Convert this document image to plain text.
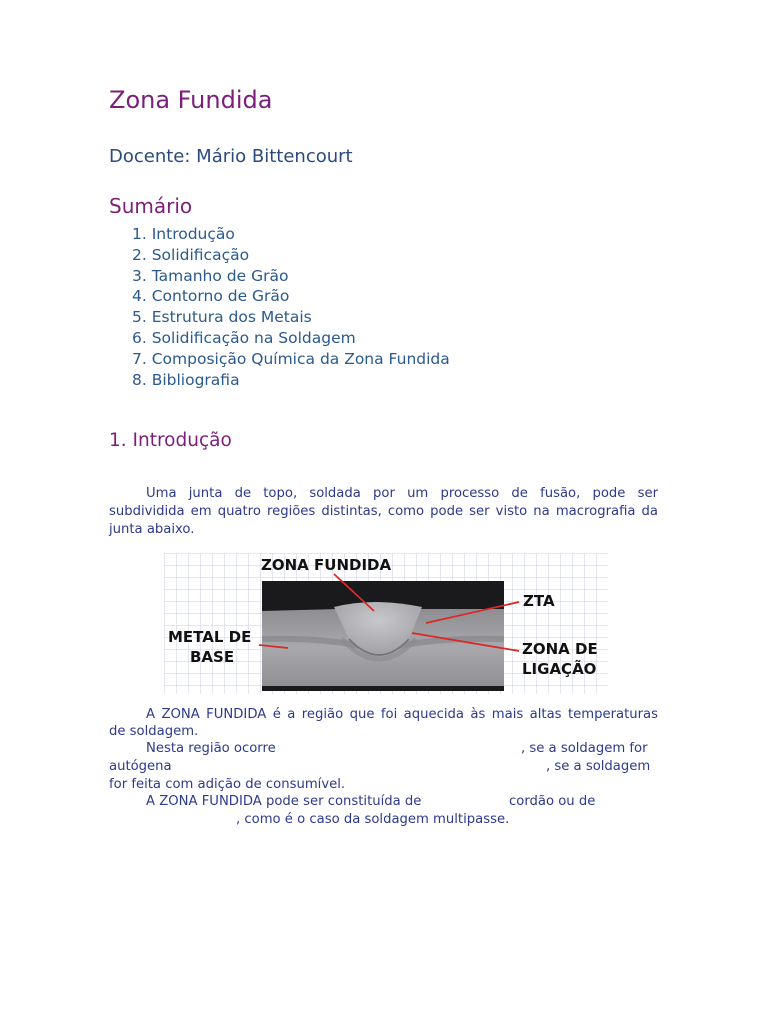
Zona Fundida
Docente: Mário Bittencourt
Sumário
1. Introdução
2. Solidificação
3. Tamanho de Grão
4. Contorno de Grão
5. Estrutura dos Metais
6. Solidificação na Soldagem
7. Composição Química da Zona Fundida
8. Bibliografia
1. Introdução
Uma junta de topo, soldada por um processo de fusão, pode ser
subdividida em quatro regiões distintas, como pode ser visto na macrografia da
junta abaixo.
ZONA FUNDIDA
ZTA
METAL DE
BASE	ZONA DE
LIGAÇÃO
A ZONA FUNDIDA é a região que foi aquecida às mais altas temperaturas
de soldagem.
Nesta região ocorre	, se a soldagem for
autógena	, se a soldagem
for feita com adição de consumível.
A ZONA FUNDIDA pode ser constituída de	cordão ou de
, como é o caso da soldagem multipasse.
